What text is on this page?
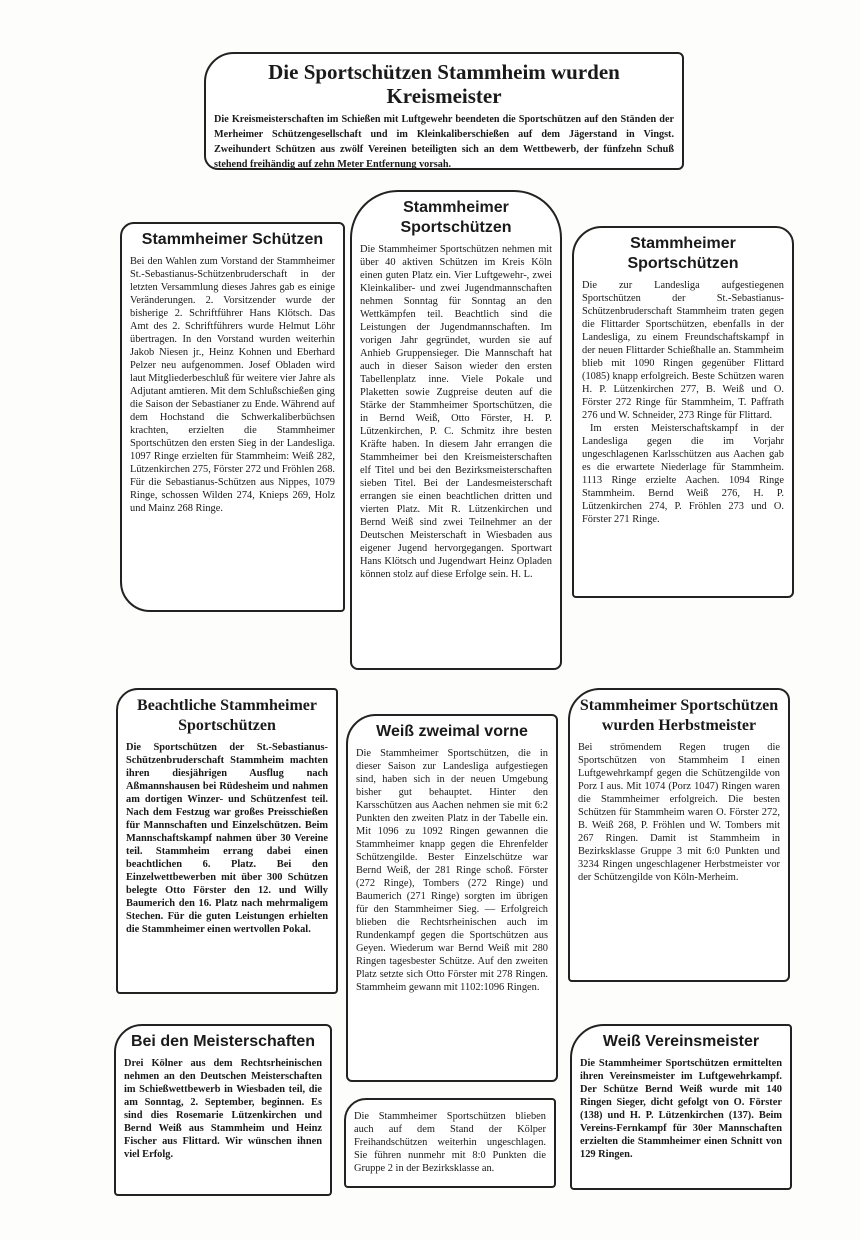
Die Sportschützen Stammheim wurden Kreismeister

Die Kreismeisterschaften im Schießen mit Luftgewehr beendeten die Sportschützen auf den Ständen der Merheimer Schützengesellschaft und im Kleinkaliberschießen auf dem Jägerstand in Vingst. Zweihundert Schützen aus zwölf Vereinen beteiligten sich an dem Wettbewerb, der fünfzehn Schuß stehend freihändig auf zehn Meter Entfernung vorsah.

Stammheimer Schützen

Bei den Wahlen zum Vorstand der Stammheimer St.-Sebastianus-Schützenbruderschaft in der letzten Versammlung dieses Jahres gab es einige Veränderungen. 2. Vorsitzender wurde der bisherige 2. Schriftführer Hans Klötsch. Das Amt des 2. Schriftführers wurde Helmut Löhr übertragen. In den Vorstand wurden weiterhin Jakob Niesen jr., Heinz Kohnen und Eberhard Pelzer neu aufgenommen. Josef Obladen wird laut Mitgliederbeschluß für weitere vier Jahre als Adjutant amtieren. Mit dem Schlußschießen ging die Saison der Sebastianer zu Ende. Während auf dem Hochstand die Schwerkaliberbüchsen krachten, erzielten die Stammheimer Sportschützen den ersten Sieg in der Landesliga. 1097 Ringe erzielten für Stammheim: Weiß 282, Lützenkirchen 275, Förster 272 und Fröhlen 268. Für die Sebastianus-Schützen aus Nippes, 1079 Ringe, schossen Wilden 274, Knieps 269, Holz und Mainz 268 Ringe.

Beachtliche Stammheimer Sportschützen

Die Sportschützen der St.-Sebastianus-Schützenbruderschaft Stammheim machten ihren diesjährigen Ausflug nach Aßmannshausen bei Rüdesheim und nahmen am dortigen Winzer- und Schützenfest teil. Nach dem Festzug war großes Preisschießen für Mannschaften und Einzelschützen. Beim Mannschaftskampf nahmen über 30 Vereine teil. Stammheim errang dabei einen beachtlichen 6. Platz. Bei den Einzelwettbewerben mit über 300 Schützen belegte Otto Förster den 12. und Willy Baumerich den 16. Platz nach mehrmaligem Stechen. Für die guten Leistungen erhielten die Stammheimer einen wertvollen Pokal.

Bei den Meisterschaften

Drei Kölner aus dem Rechtsrheinischen nehmen an den Deutschen Meisterschaften im Schießwettbewerb in Wiesbaden teil, die am Sonntag, 2. September, beginnen. Es sind dies Rosemarie Lützenkirchen und Bernd Weiß aus Stammheim und Heinz Fischer aus Flittard. Wir wünschen ihnen viel Erfolg.

Stammheimer Sportschützen

Die Stammheimer Sportschützen nehmen mit über 40 aktiven Schützen im Kreis Köln einen guten Platz ein. Vier Luftgewehr-, zwei Kleinkaliber- und zwei Jugendmannschaften nehmen Sonntag für Sonntag an den Wettkämpfen teil. Beachtlich sind die Leistungen der Jugendmannschaften. Im vorigen Jahr gegründet, wurden sie auf Anhieb Gruppensieger. Die Mannschaft hat auch in dieser Saison wieder den ersten Tabellenplatz inne. Viele Pokale und Plaketten sowie Zugpreise deuten auf die Stärke der Stammheimer Sportschützen, die in Bernd Weiß, Otto Förster, H. P. Lützenkirchen, P. C. Schmitz ihre besten Kräfte haben. In diesem Jahr errangen die Stammheimer bei den Kreismeisterschaften elf Titel und bei den Bezirksmeisterschaften sieben Titel. Bei der Landesmeisterschaft errangen sie einen beachtlichen dritten und vierten Platz. Mit R. Lützenkirchen und Bernd Weiß sind zwei Teilnehmer an der Deutschen Meisterschaft in Wiesbaden aus eigener Jugend hervorgegangen. Sportwart Hans Klötsch und Jugendwart Heinz Opladen können stolz auf diese Erfolge sein. H. L.

Weiß zweimal vorne

Die Stammheimer Sportschützen, die in dieser Saison zur Landesliga aufgestiegen sind, haben sich in der neuen Umgebung bisher gut behauptet. Hinter den Karsschützen aus Aachen nehmen sie mit 6:2 Punkten den zweiten Platz in der Tabelle ein. Mit 1096 zu 1092 Ringen gewannen die Stammheimer knapp gegen die Ehrenfelder Schützengilde. Bester Einzelschütze war Bernd Weiß, der 281 Ringe schoß. Förster (272 Ringe), Tombers (272 Ringe) und Baumerich (271 Ringe) sorgten im übrigen für den Stammheimer Sieg. — Erfolgreich blieben die Rechtsrheinischen auch im Rundenkampf gegen die Sportschützen aus Geyen. Wiederum war Bernd Weiß mit 280 Ringen tagesbester Schütze. Auf den zweiten Platz setzte sich Otto Förster mit 278 Ringen. Stammheim gewann mit 1102:1096 Ringen.

Die Stammheimer Sportschützen blieben auch auf dem Stand der Kölper Freihandschützen weiterhin ungeschlagen. Sie führen nunmehr mit 8:0 Punkten die Gruppe 2 in der Bezirksklasse an.

Stammheimer Sportschützen

Die zur Landesliga aufgestiegenen Sportschützen der St.-Sebastianus-Schützenbruderschaft Stammheim traten gegen die Flittarder Sportschützen, ebenfalls in der Landesliga, zu einem Freundschaftskampf in der neuen Flittarder Schießhalle an. Stammheim blieb mit 1090 Ringen gegenüber Flittard (1085) knapp erfolgreich. Beste Schützen waren H. P. Lützenkirchen 277, B. Weiß und O. Förster 272 Ringe für Stammheim, T. Paffrath 276 und W. Schneider, 273 Ringe für Flittard.

Im ersten Meisterschaftskampf in der Landesliga gegen die im Vorjahr ungeschlagenen Karlsschützen aus Aachen gab es die erwartete Niederlage für Stammheim. 1113 Ringe erzielte Aachen. 1094 Ringe Stammheim. Bernd Weiß 276, H. P. Lützenkirchen 274, P. Fröhlen 273 und O. Förster 271 Ringe.

Stammheimer Sportschützen wurden Herbstmeister

Bei strömendem Regen trugen die Sportschützen von Stammheim I einen Luftgewehrkampf gegen die Schützengilde von Porz I aus. Mit 1074 (Porz 1047) Ringen waren die Stammheimer erfolgreich. Die besten Schützen für Stammheim waren O. Förster 272, B. Weiß 268, P. Fröhlen und W. Tombers mit 267 Ringen. Damit ist Stammheim in Bezirksklasse Gruppe 3 mit 6:0 Punkten und 3234 Ringen ungeschlagener Herbstmeister vor der Schützengilde von Köln-Merheim.

Weiß Vereinsmeister

Die Stammheimer Sportschützen ermittelten ihren Vereinsmeister im Luftgewehrkampf. Der Schütze Bernd Weiß wurde mit 140 Ringen Sieger, dicht gefolgt von O. Förster (138) und H. P. Lützenkirchen (137). Beim Vereins-Fernkampf für 30er Mannschaften erzielten die Stammheimer einen Schnitt von 129 Ringen.
